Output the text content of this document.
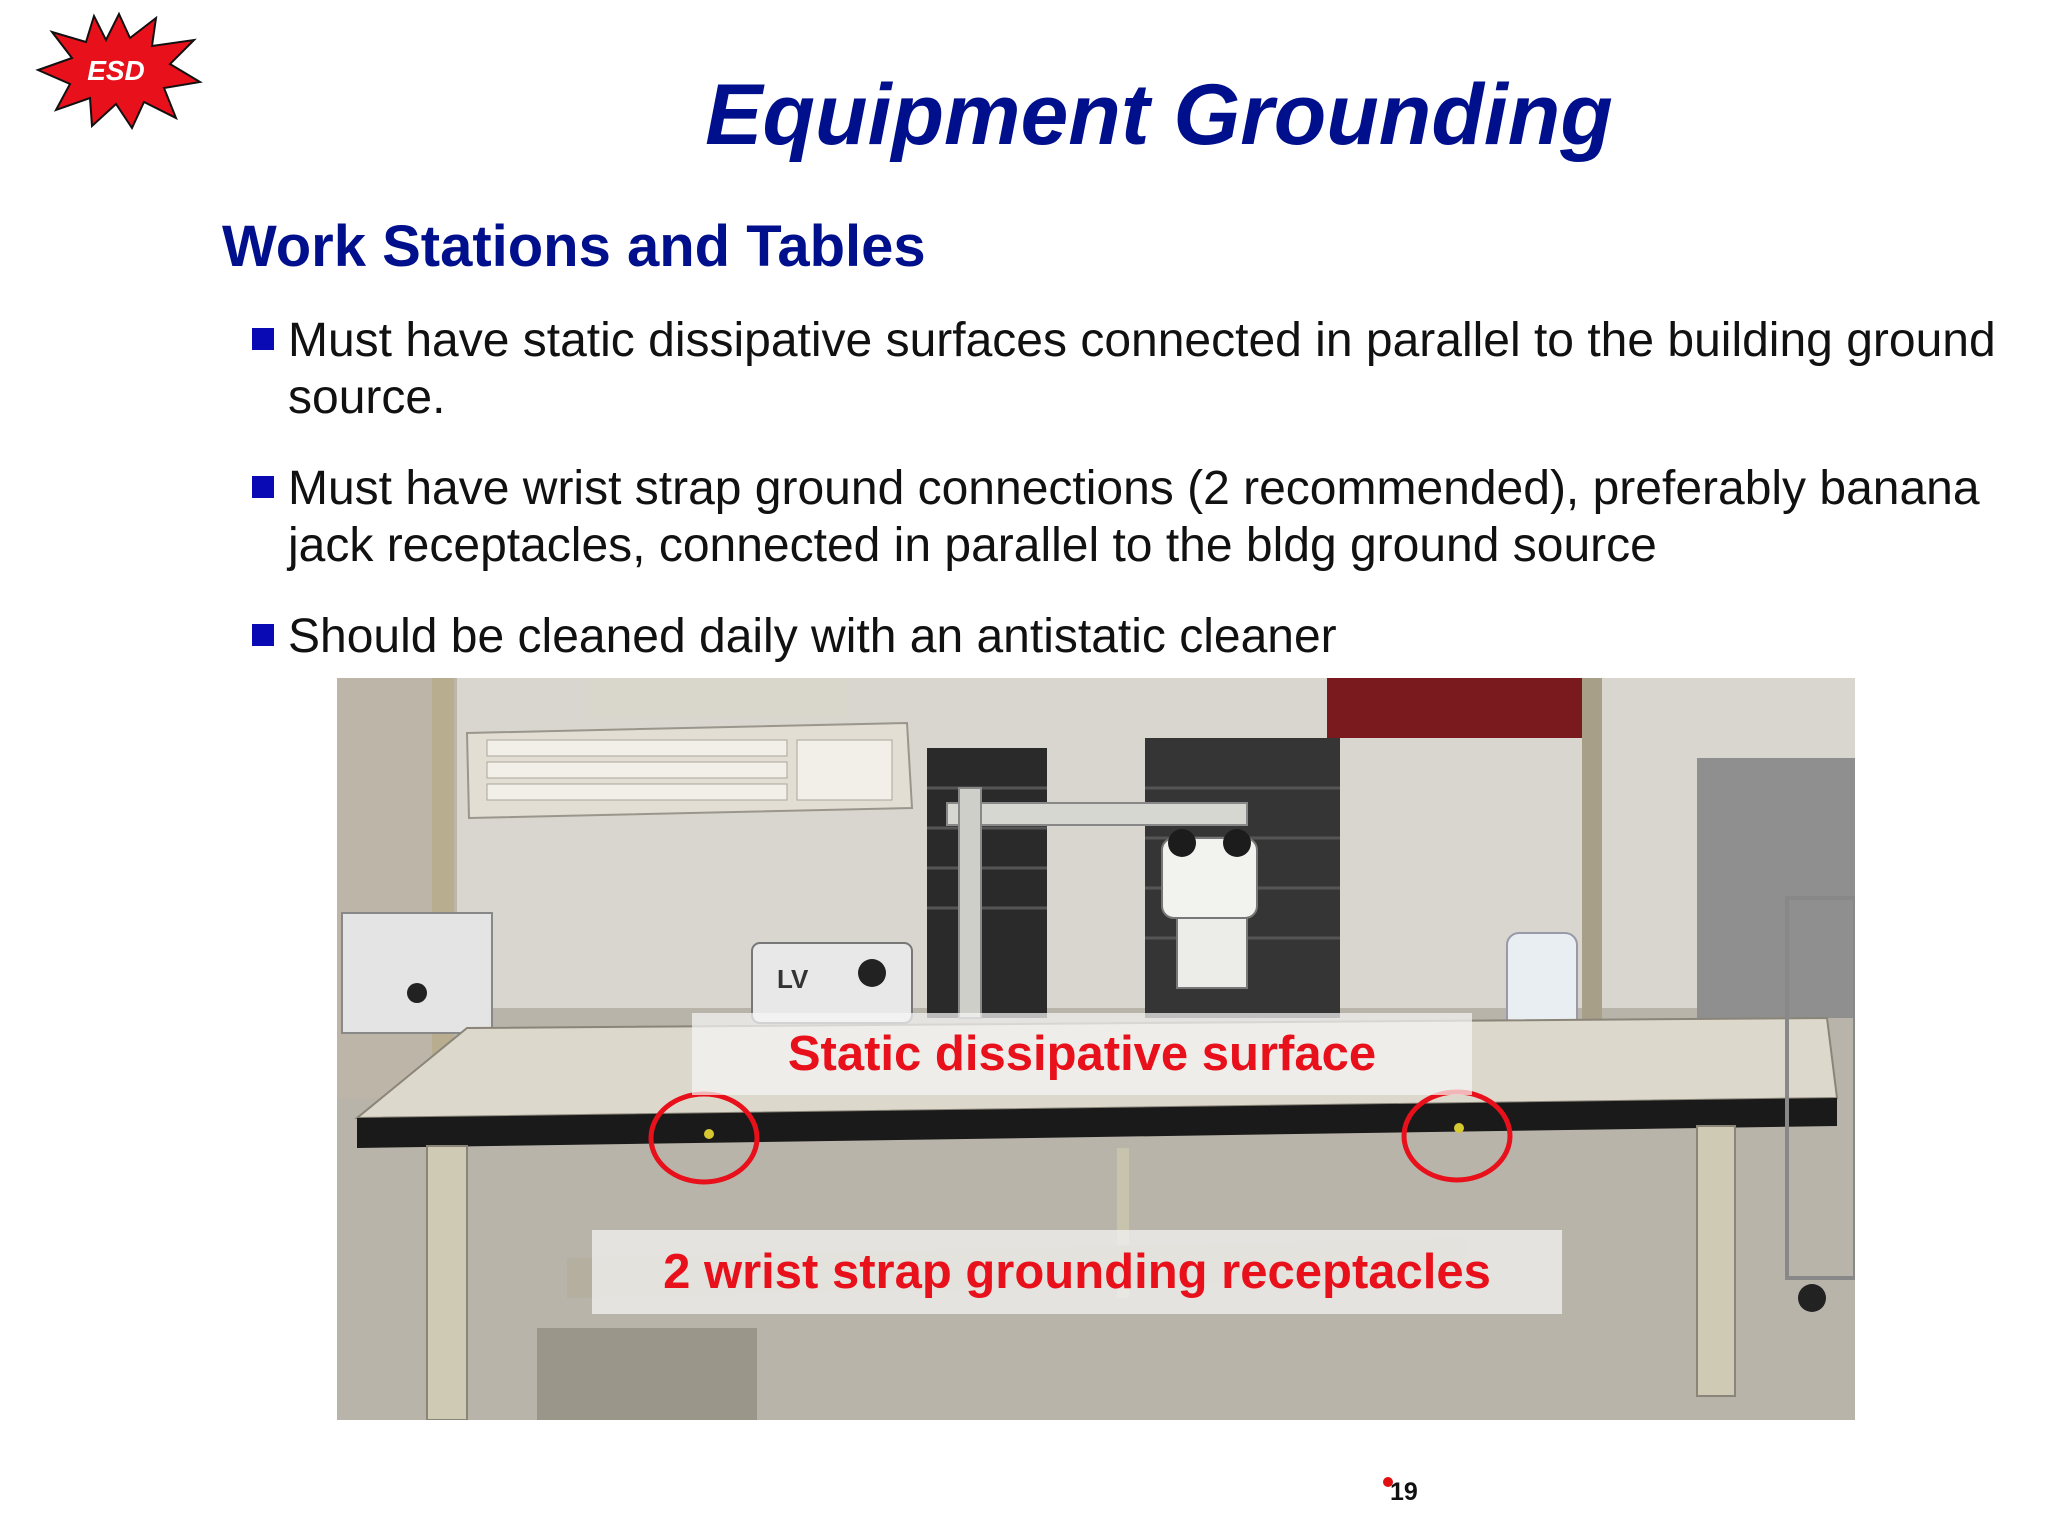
ESD	Equipment Grounding
Work Stations and Tables
Must have static dissipative surfaces connected in parallel to the building ground source.
Must have wrist strap ground connections (2 recommended), preferably banana jack receptacles, connected in parallel to the bldg ground source
Should be cleaned daily with an antistatic cleaner
LV
Static dissipative surface
2 wrist strap grounding receptacles
19
